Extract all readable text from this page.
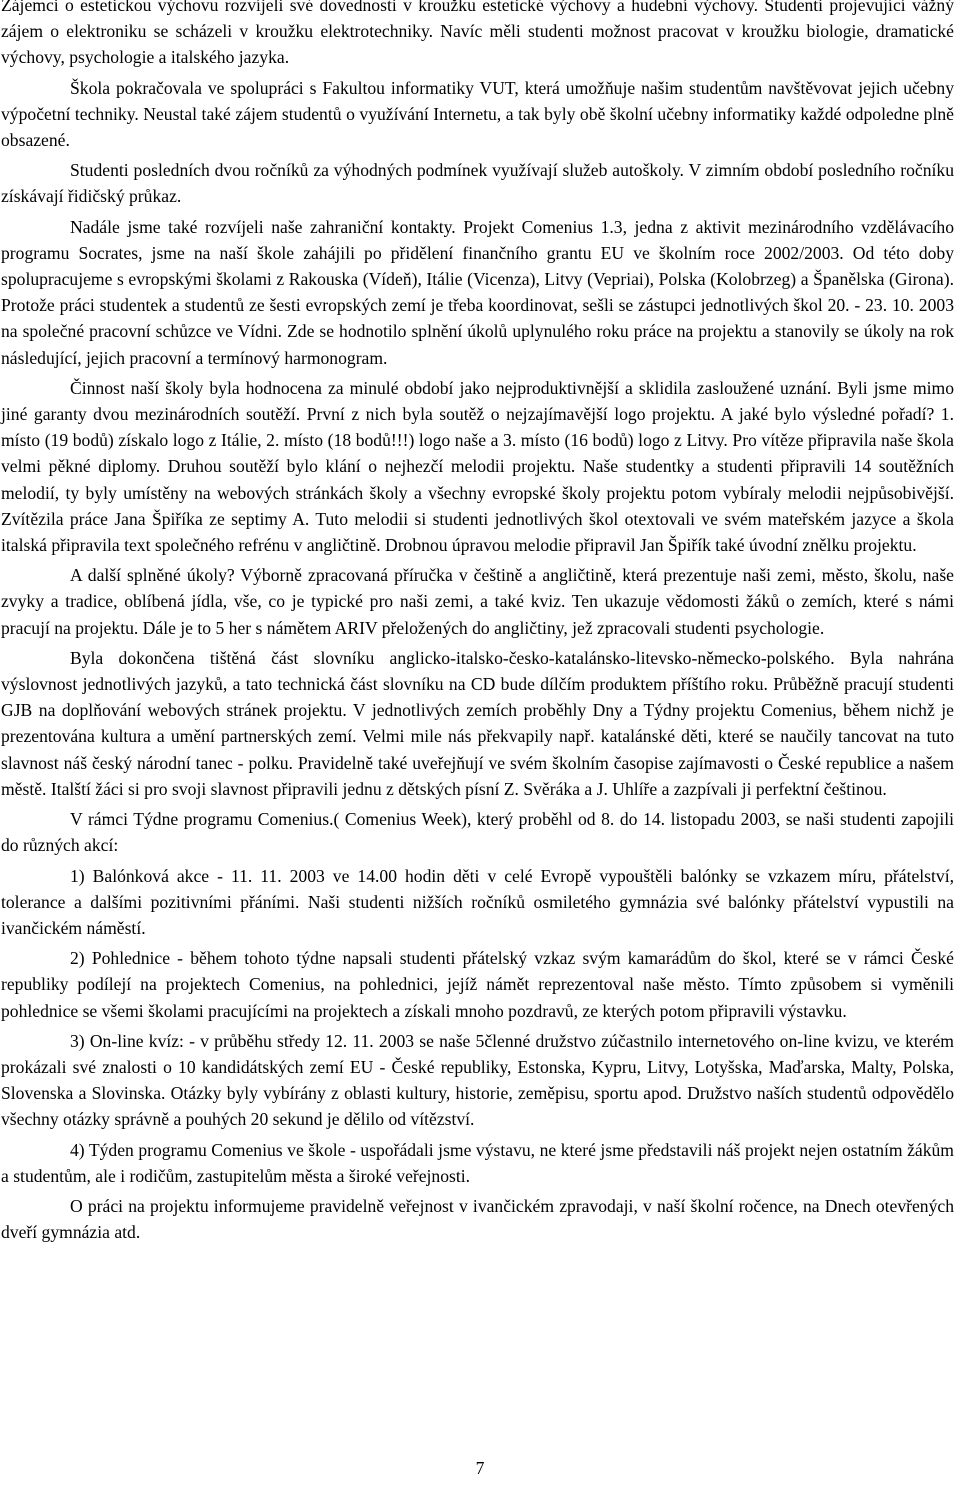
Zájemci o estetickou výchovu rozvíjeli své dovednosti v kroužku estetické výchovy a hudební výchovy. Studenti projevující vážný zájem o elektroniku se scházeli v kroužku elektrotechniky. Navíc měli studenti možnost pracovat v kroužku biologie, dramatické výchovy, psychologie a italského jazyka.

Škola pokračovala ve spolupráci s Fakultou informatiky VUT, která umožňuje našim studentům navštěvovat jejich učebny výpočetní techniky. Neustal také zájem studentů o využívání Internetu, a tak byly obě školní učebny informatiky každé odpoledne plně obsazené.

Studenti posledních dvou ročníků za výhodných podmínek využívají služeb autoškoly. V zimním období posledního ročníku získávají řidičský průkaz.

Nadále jsme také rozvíjeli naše zahraniční kontakty. Projekt Comenius 1.3, jedna z aktivit mezinárodního vzdělávacího programu Socrates, jsme na naší škole zahájili po přidělení finančního grantu EU ve školním roce 2002/2003. Od této doby spolupracujeme s evropskými školami z Rakouska (Vídeň), Itálie (Vicenza), Litvy (Vepriai), Polska (Kolobrzeg) a Španělska (Girona). Protože práci studentek a studentů ze šesti evropských zemí je třeba koordinovat, sešli se zástupci jednotlivých škol 20. - 23. 10. 2003 na společné pracovní schůzce ve Vídni. Zde se hodnotilo splnění úkolů uplynulého roku práce na projektu a stanovily se úkoly na rok následující, jejich pracovní a termínový harmonogram.

Činnost naší školy byla hodnocena za minulé období jako nejproduktivnější a sklidila zasloužené uznání. Byli jsme mimo jiné garanty dvou mezinárodních soutěží. První z nich byla soutěž o nejzajímavější logo projektu. A jaké bylo výsledné pořadí? 1. místo (19 bodů) získalo logo z Itálie, 2. místo (18 bodů!!!) logo naše a 3. místo (16 bodů) logo z Litvy. Pro vítěze připravila naše škola velmi pěkné diplomy. Druhou soutěží bylo klání o nejhezčí melodii projektu. Naše studentky a studenti připravili 14 soutěžních melodií, ty byly umístěny na webových stránkách školy a všechny evropské školy projektu potom vybíraly melodii nejpůsobivější. Zvítězila práce Jana Špiříka ze septimy A. Tuto melodii si studenti jednotlivých škol otextovali ve svém mateřském jazyce a škola italská připravila text společného refrénu v angličtině. Drobnou úpravou melodie připravil Jan Špiřík také úvodní znělku projektu.

A další splněné úkoly? Výborně zpracovaná příručka v češtině a angličtině, která prezentuje naši zemi, město, školu, naše zvyky a tradice, oblíbená jídla, vše, co je typické pro naši zemi, a také kviz. Ten ukazuje vědomosti žáků o zemích, které s námi pracují na projektu. Dále je to 5 her s námětem ARIV přeložených do angličtiny, jež zpracovali studenti psychologie.

Byla dokončena tištěná část slovníku anglicko-italsko-česko-katalánsko-litevsko-německo-polského. Byla nahrána výslovnost jednotlivých jazyků, a tato technická část slovníku na CD bude dílčím produktem příštího roku. Průběžně pracují studenti GJB na doplňování webových stránek projektu. V jednotlivých zemích proběhly Dny a Týdny projektu Comenius, během nichž je prezentována kultura a umění partnerských zemí. Velmi mile nás překvapily např. katalánské děti, které se naučily tancovat na tuto slavnost náš český národní tanec - polku. Pravidelně také uveřejňují ve svém školním časopise zajímavosti o České republice a našem městě. Italští žáci si pro svoji slavnost připravili jednu z dětských písní Z. Svěráka a J. Uhlíře a zazpívali ji perfektní češtinou.

V rámci Týdne programu Comenius.( Comenius Week), který proběhl od 8. do 14. listopadu 2003, se naši studenti zapojili do různých akcí:

1) Balónková akce - 11. 11. 2003 ve 14.00 hodin děti v celé Evropě vypouštěli balónky se vzkazem míru, přátelství, tolerance a dalšími pozitivními přáními. Naši studenti nižších ročníků osmiletého gymnázia své balónky přátelství vypustili na ivančickém náměstí.

2) Pohlednice - během tohoto týdne napsali studenti přátelský vzkaz svým kamarádům do škol, které se v rámci České republiky podílejí na projektech Comenius, na pohlednici, jejíž námět reprezentoval naše město. Tímto způsobem si vyměnili pohlednice se všemi školami pracujícími na projektech a získali mnoho pozdravů, ze kterých potom připravili výstavku.

3) On-line kvíz: - v průběhu středy 12. 11. 2003 se naše 5členné družstvo zúčastnilo internetového on-line kvizu, ve kterém prokázali své znalosti o 10 kandidátských zemí EU - České republiky, Estonska, Kypru, Litvy, Lotyšska, Maďarska, Malty, Polska, Slovenska a Slovinska. Otázky byly vybírány z oblasti kultury, historie, zeměpisu, sportu apod. Družstvo naších studentů odpovědělo všechny otázky správně a pouhých 20 sekund je dělilo od vítězství.

4) Týden programu Comenius ve škole - uspořádali jsme výstavu, ne které jsme představili náš projekt nejen ostatním žákům a studentům, ale i rodičům, zastupitelům města a široké veřejnosti.

O práci na projektu informujeme pravidelně veřejnost v ivančickém zpravodaji, v naší školní ročence, na Dnech otevřených dveří gymnázia atd.

7
